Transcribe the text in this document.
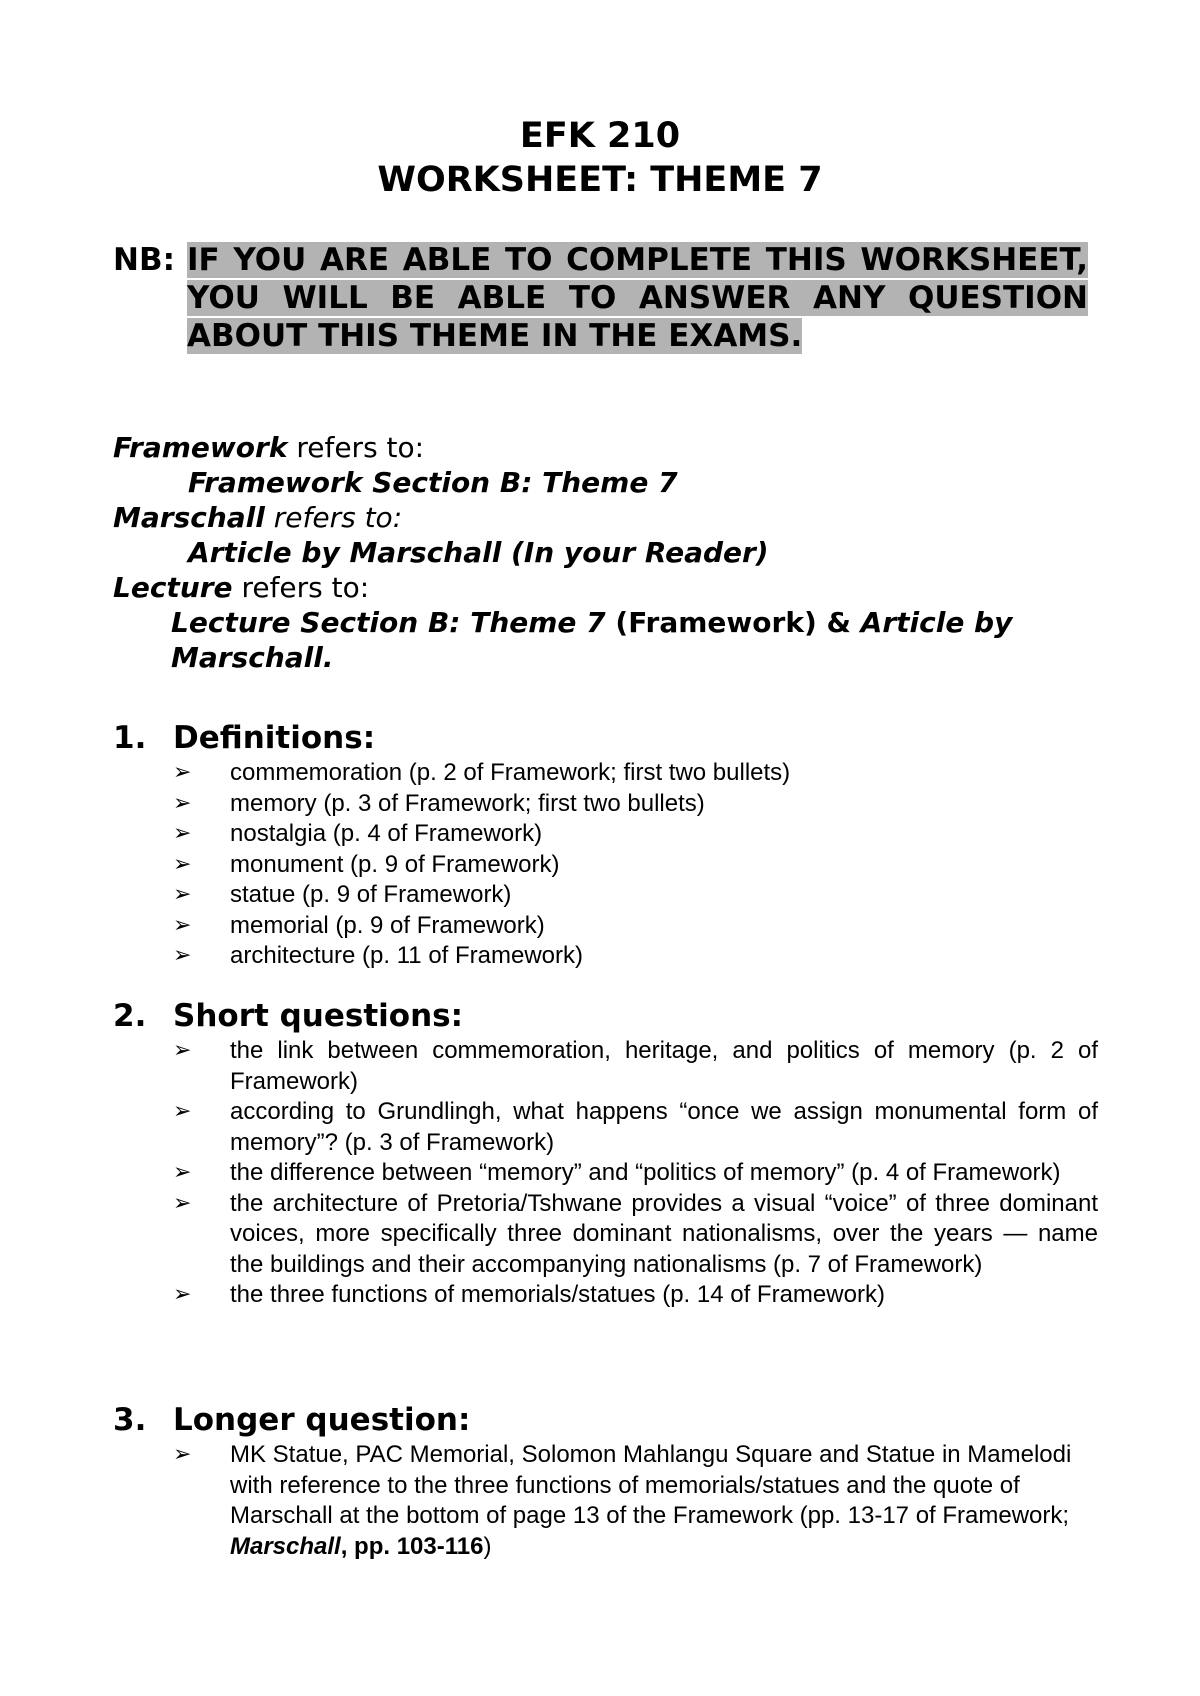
EFK 210
WORKSHEET: THEME 7
NB: IF YOU ARE ABLE TO COMPLETE THIS WORKSHEET, YOU WILL BE ABLE TO ANSWER ANY QUESTION ABOUT THIS THEME IN THE EXAMS.
Framework refers to:
Framework Section B: Theme 7
Marschall refers to:
Article by Marschall (In your Reader)
Lecture refers to:
Lecture Section B: Theme 7 (Framework) & Article by Marschall.
1. Definitions:
➢ commemoration (p. 2 of Framework; first two bullets)
➢ memory (p. 3 of Framework; first two bullets)
➢ nostalgia (p. 4 of Framework)
➢ monument (p. 9 of Framework)
➢ statue (p. 9 of Framework)
➢ memorial (p. 9 of Framework)
➢ architecture (p. 11 of Framework)
2. Short questions:
➢ the link between commemoration, heritage, and politics of memory (p. 2 of Framework)
➢ according to Grundlingh, what happens “once we assign monumental form of memory”? (p. 3 of Framework)
➢ the difference between “memory” and “politics of memory” (p. 4 of Framework)
➢ the architecture of Pretoria/Tshwane provides a visual “voice” of three dominant voices, more specifically three dominant nationalisms, over the years — name the buildings and their accompanying nationalisms (p. 7 of Framework)
➢ the three functions of memorials/statues (p. 14 of Framework)
3. Longer question:
➢ MK Statue, PAC Memorial, Solomon Mahlangu Square and Statue in Mamelodi with reference to the three functions of memorials/statues and the quote of Marschall at the bottom of page 13 of the Framework (pp. 13-17 of Framework; Marschall, pp. 103-116)
